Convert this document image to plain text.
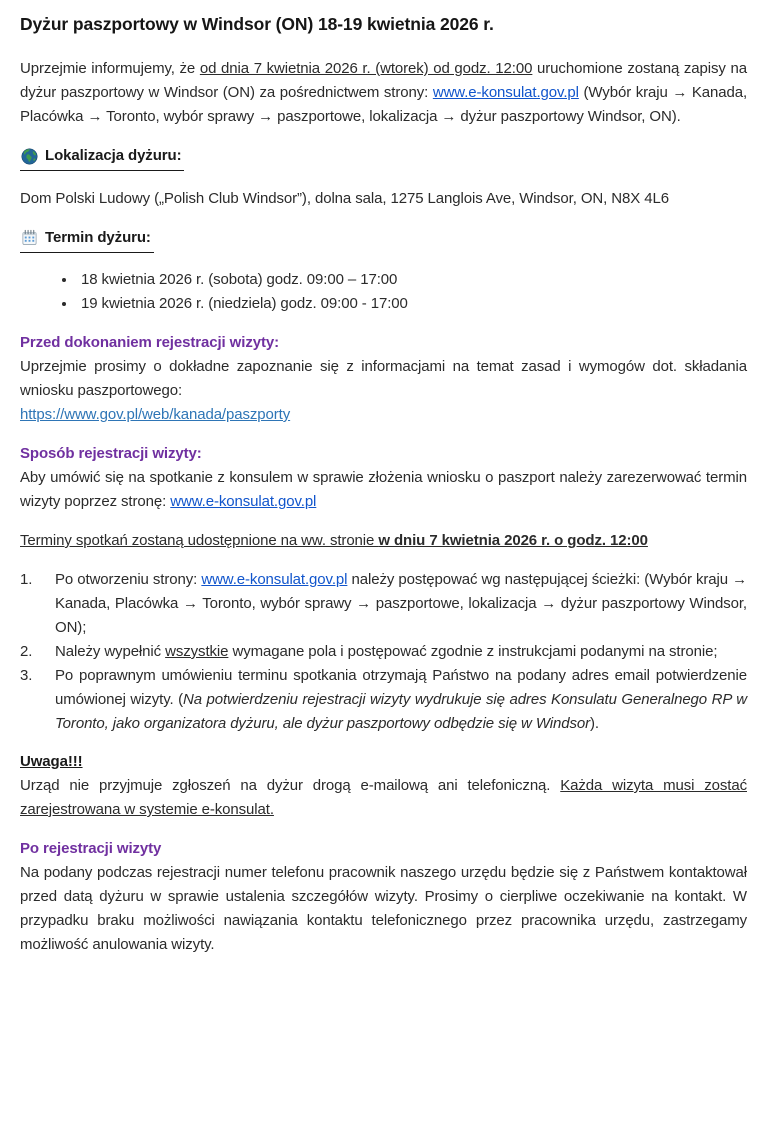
Dyżur paszportowy w Windsor (ON) 18-19 kwietnia 2026 r.

Uprzejmie informujemy, że od dnia 7 kwietnia 2026 r. (wtorek) od godz. 12:00 uruchomione zostaną zapisy na dyżur paszportowy w Windsor (ON) za pośrednictwem strony: www.e-konsulat.gov.pl (Wybór kraju → Kanada, Placówka → Toronto, wybór sprawy → paszportowe, lokalizacja → dyżur paszportowy Windsor, ON).

Lokalizacja dyżuru:

Dom Polski Ludowy („Polish Club Windsor”), dolna sala, 1275 Langlois Ave, Windsor, ON, N8X 4L6

Termin dyżuru:
• 18 kwietnia 2026 r. (sobota) godz. 09:00 – 17:00
• 19 kwietnia 2026 r. (niedziela) godz. 09:00 - 17:00
Przed dokonaniem rejestracji wizyty:

Uprzejmie prosimy o dokładne zapoznanie się z informacjami na temat zasad i wymogów dot. składania wniosku paszportowego:
https://www.gov.pl/web/kanada/paszporty

Sposób rejestracji wizyty:

Aby umówić się na spotkanie z konsulem w sprawie złożenia wniosku o paszport należy zarezerwować termin wizyty poprzez stronę: www.e-konsulat.gov.pl

Terminy spotkań zostaną udostępnione na ww. stronie w dniu 7 kwietnia 2026 r. o godz. 12:00

1.	Po otworzeniu strony: www.e-konsulat.gov.pl należy postępować wg następującej ścieżki: (Wybór kraju → Kanada, Placówka → Toronto, wybór sprawy → paszportowe, lokalizacja → dyżur paszportowy Windsor, ON);
2.	Należy wypełnić wszystkie wymagane pola i postępować zgodnie z instrukcjami podanymi na stronie;
3.	Po poprawnym umówieniu terminu spotkania otrzymają Państwo na podany adres email potwierdzenie umówionej wizyty. (Na potwierdzeniu rejestracji wizyty wydrukuje się adres Konsulatu Generalnego RP w Toronto, jako organizatora dyżuru, ale dyżur paszportowy odbędzie się w Windsor).
Uwaga!!!

Urząd nie przyjmuje zgłoszeń na dyżur drogą e-mailową ani telefoniczną. Każda wizyta musi zostać zarejestrowana w systemie e-konsulat.

Po rejestracji wizyty

Na podany podczas rejestracji numer telefonu pracownik naszego urzędu będzie się z Państwem kontaktował przed datą dyżuru w sprawie ustalenia szczegółów wizyty. Prosimy o cierpliwe oczekiwanie na kontakt. W przypadku braku możliwości nawiązania kontaktu telefonicznego przez pracownika urzędu, zastrzegamy możliwość anulowania wizyty.
